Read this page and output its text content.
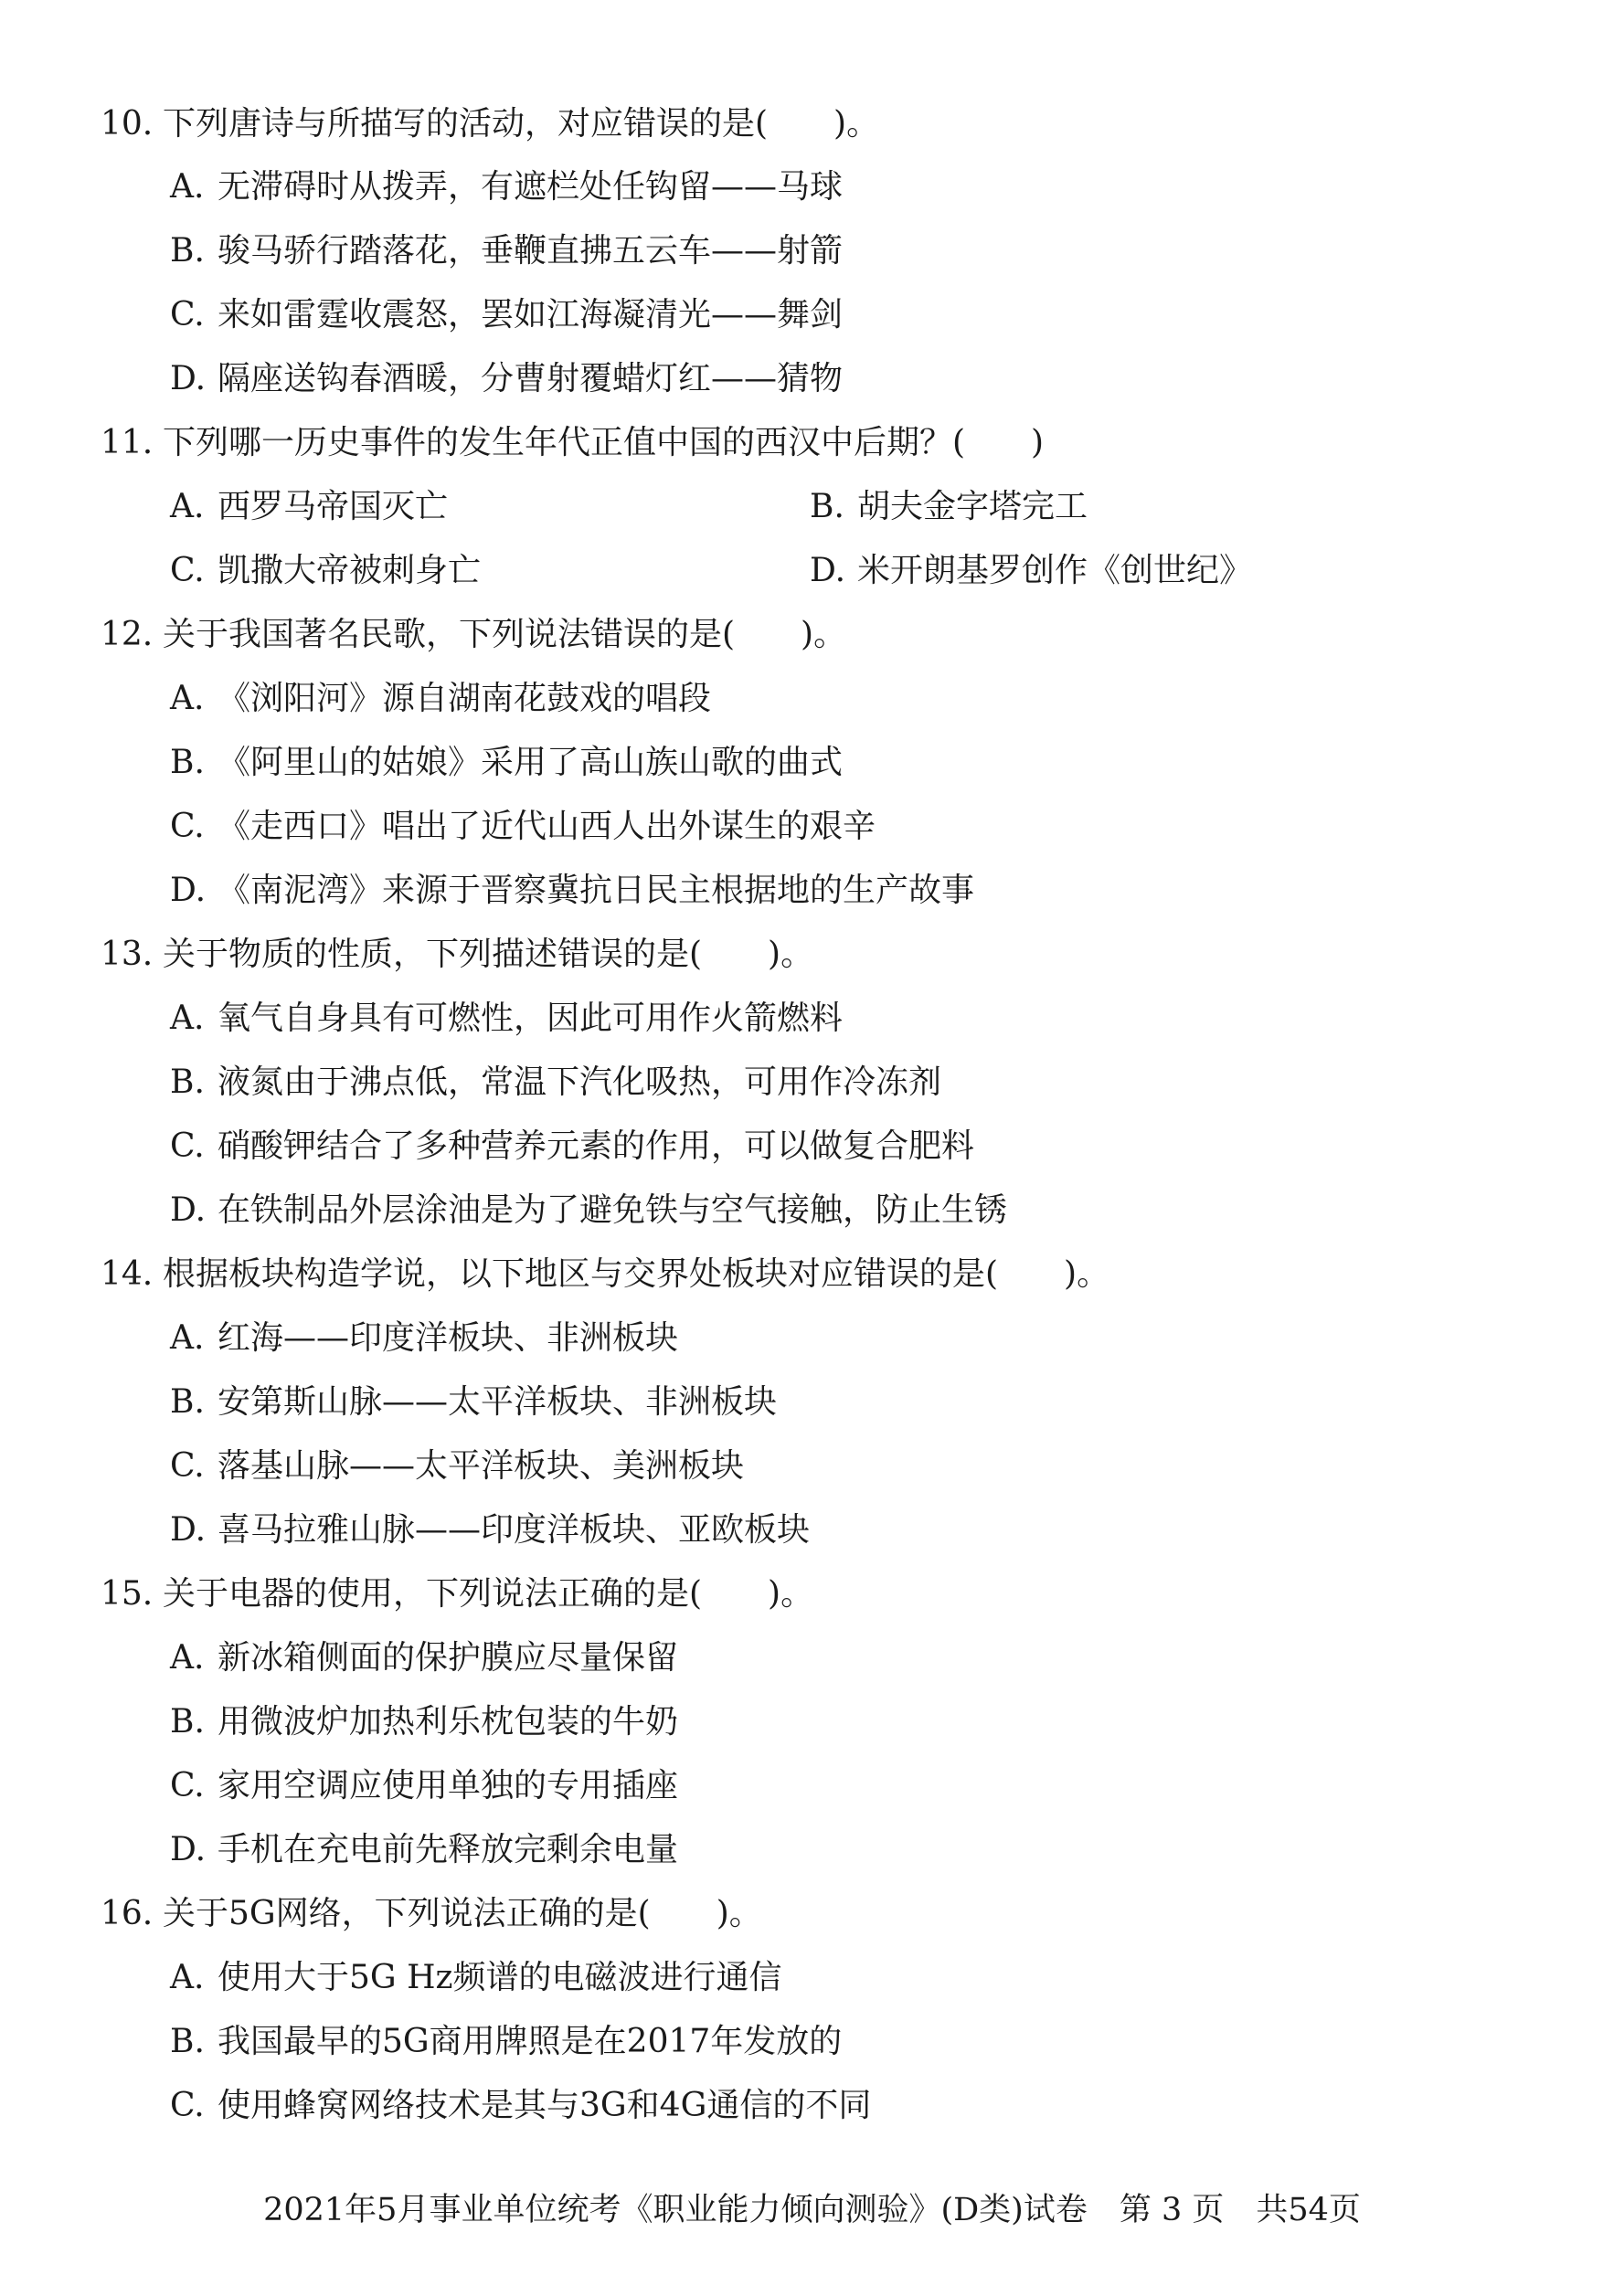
10. 下列唐诗与所描写的活动，对应错误的是(　　)。
A. 无滞碍时从拨弄，有遮栏处任钩留——马球
B. 骏马骄行踏落花，垂鞭直拂五云车——射箭
C. 来如雷霆收震怒，罢如江海凝清光——舞剑
D. 隔座送钩春酒暖，分曹射覆蜡灯红——猜物
11. 下列哪一历史事件的发生年代正值中国的西汉中后期？(　　)
A. 西罗马帝国灭亡	B. 胡夫金字塔完工
C. 凯撒大帝被刺身亡	D. 米开朗基罗创作《创世纪》
12. 关于我国著名民歌，下列说法错误的是(　　)。
A. 《浏阳河》源自湖南花鼓戏的唱段
B. 《阿里山的姑娘》采用了高山族山歌的曲式
C. 《走西口》唱出了近代山西人出外谋生的艰辛
D. 《南泥湾》来源于晋察冀抗日民主根据地的生产故事
13. 关于物质的性质，下列描述错误的是(　　)。
A. 氧气自身具有可燃性，因此可用作火箭燃料
B. 液氮由于沸点低，常温下汽化吸热，可用作冷冻剂
C. 硝酸钾结合了多种营养元素的作用，可以做复合肥料
D. 在铁制品外层涂油是为了避免铁与空气接触，防止生锈
14. 根据板块构造学说，以下地区与交界处板块对应错误的是(　　)。
A. 红海——印度洋板块、非洲板块
B. 安第斯山脉——太平洋板块、非洲板块
C. 落基山脉——太平洋板块、美洲板块
D. 喜马拉雅山脉——印度洋板块、亚欧板块
15. 关于电器的使用，下列说法正确的是(　　)。
A. 新冰箱侧面的保护膜应尽量保留
B. 用微波炉加热利乐枕包装的牛奶
C. 家用空调应使用单独的专用插座
D. 手机在充电前先释放完剩余电量
16. 关于5G网络，下列说法正确的是(　　)。
A. 使用大于5G Hz频谱的电磁波进行通信
B. 我国最早的5G商用牌照是在2017年发放的
C. 使用蜂窝网络技术是其与3G和4G通信的不同
2021年5月事业单位统考《职业能力倾向测验》(D类)试卷　第 3 页　共54页
